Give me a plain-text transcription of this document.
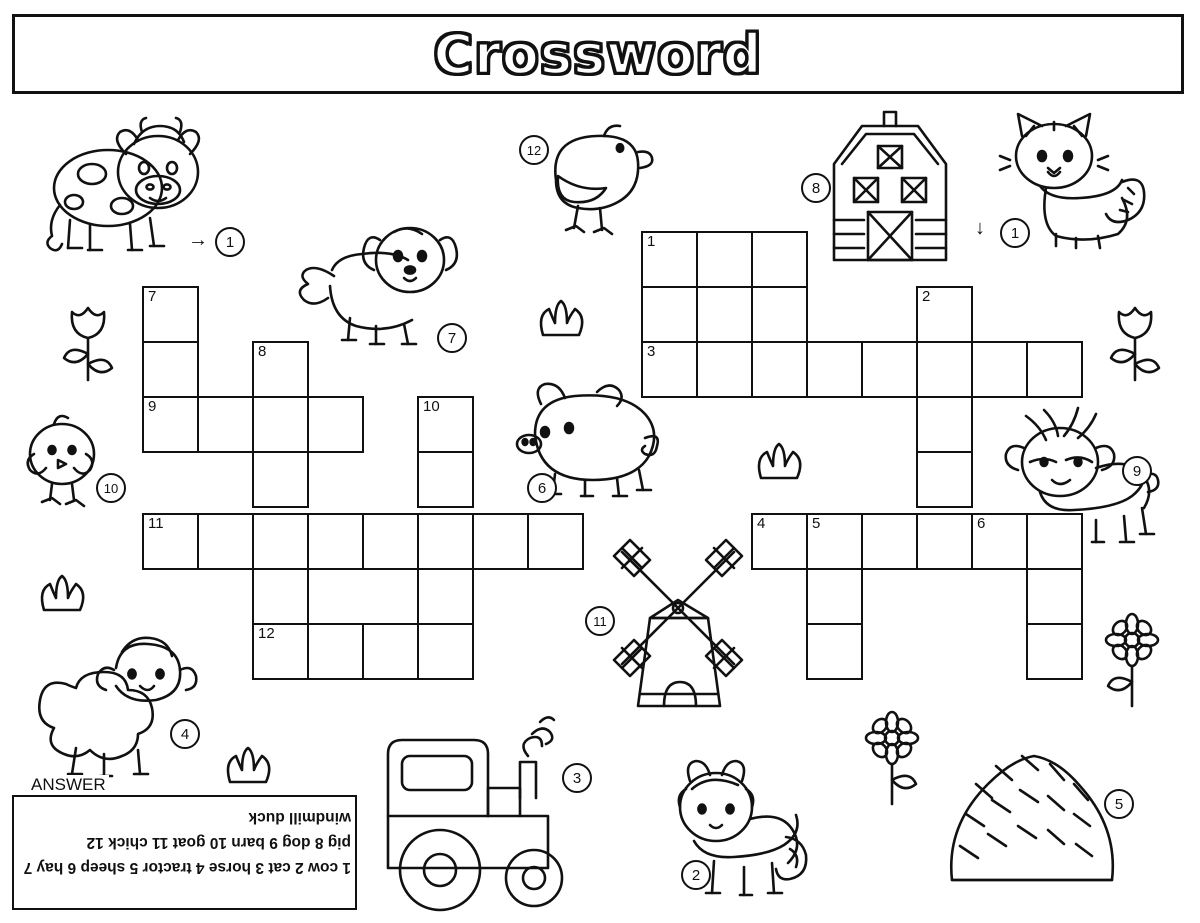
Crossword
1
2
3
4	5	6
7
8
9	10
11
12
1
→	1
↓
2
3
4
5
6
7
8
9
10
11
12
ANSWER
1 cow 2 cat 3 horse 4 tractor 5 sheep 6 hay 7 pig 8 dog 9 barn 10 goat 11 chick 12 windmill duck
